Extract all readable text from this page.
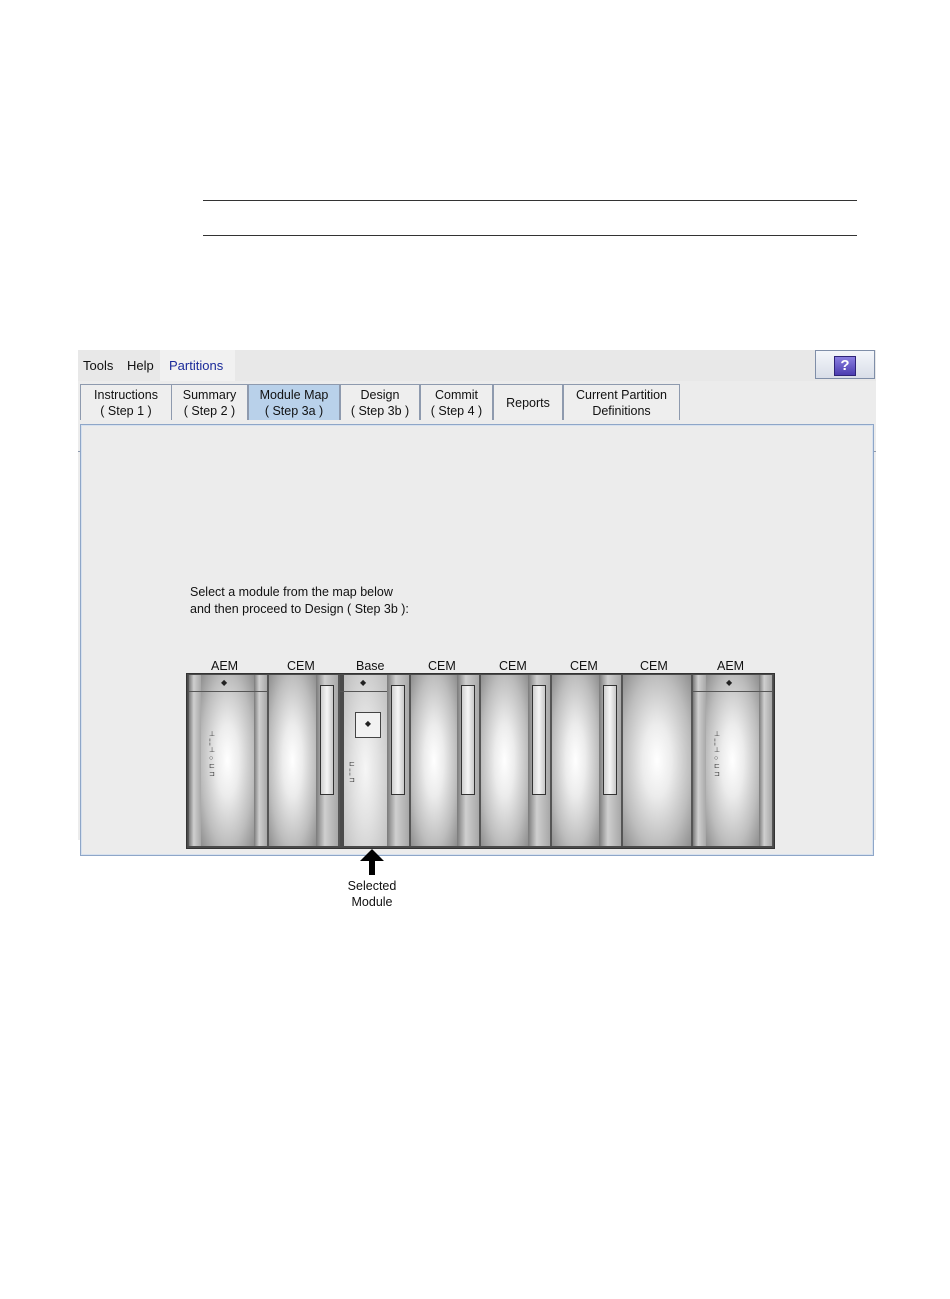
Tools Help Partitions	?
Instructions
( Step 1 )
Summary
( Step 2 )
Module Map
( Step 3a )
Design
( Step 3b )
Commit
( Step 4 )
Reports
Current Partition
Definitions
Select a module from the map below
and then proceed to Design ( Step 3b ):
AEM	CEM	Base	CEM	CEM	CEM	CEM	AEM
◆
⊥
¦
⊥
○
⊏
⊐
◆
◆
⊏
¦
⊐
◆
⊥
¦
⊥
○
⊏
⊐
Selected
Module
